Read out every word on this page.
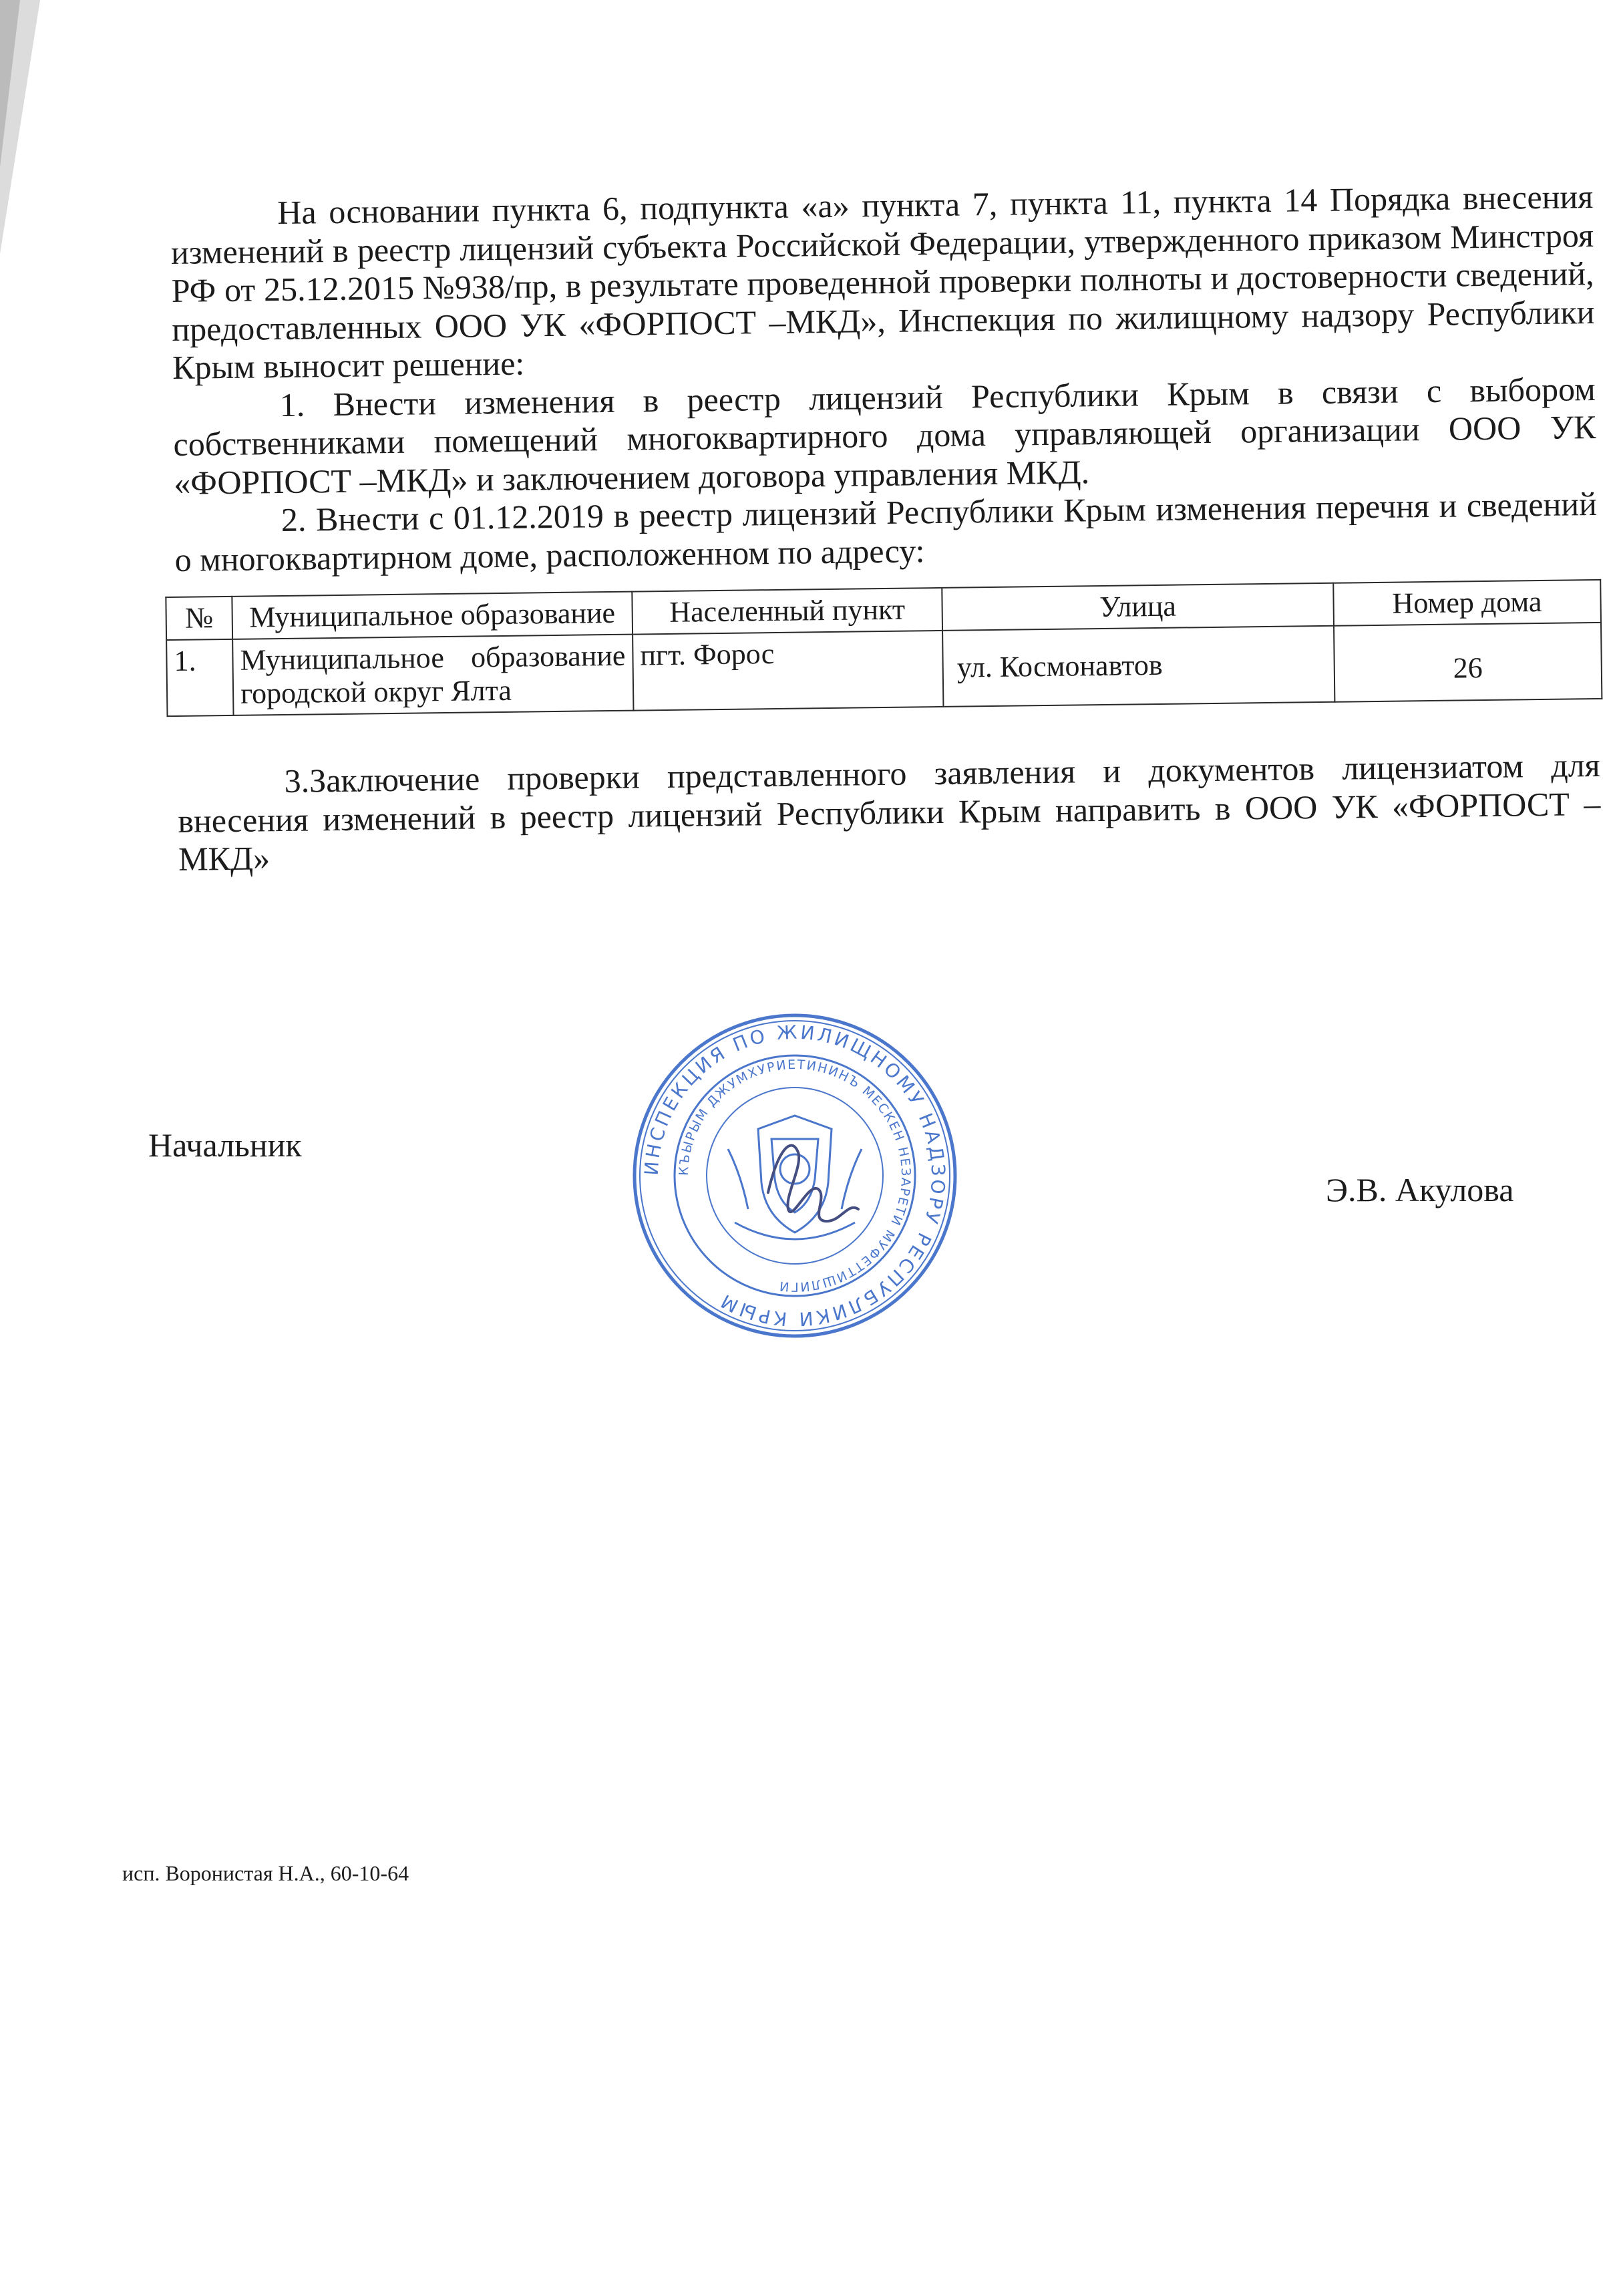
На основании пункта 6, подпункта «а» пункта 7, пункта 11, пункта 14 Порядка внесения изменений в реестр лицензий субъекта Российской Федерации, утвержденного приказом Минстроя РФ от 25.12.2015 №938/пр, в результате проведенной проверки полноты и достоверности сведений, предоставленных ООО УК «ФОРПОСТ –МКД», Инспекция по жилищному надзору Республики Крым выносит решение:

1. Внести изменения в реестр лицензий Республики Крым в связи с выбором собственниками помещений многоквартирного дома управляющей организации ООО УК «ФОРПОСТ –МКД» и заключением договора управления МКД.

2. Внести с 01.12.2019 в реестр лицензий Республики Крым изменения перечня и сведений о многоквартирном доме, расположенном по адресу:

№	Муниципальное образование	Населенный пункт	Улица	Номер дома
1.	Муниципальное образование городской округ Ялта	пгт. Форос	ул. Космонавтов	26

3.Заключение проверки представленного заявления и документов лицензиатом для внесения изменений в реестр лицензий Республики Крым направить в ООО УК «ФОРПОСТ –МКД»

Начальник
Э.В. Акулова
ИНСПЕКЦИЯ ПО ЖИЛИЩНОМУ НАДЗОРУ РЕСПУБЛИКИ КРЫМ
КЪЫРЫМ ДЖУМХУРИЕТИНИНЪ МЕСКЕН НЕЗАРЕТИ МУФЕТТИШЛИГИ
исп. Воронистая Н.А., 60-10-64
